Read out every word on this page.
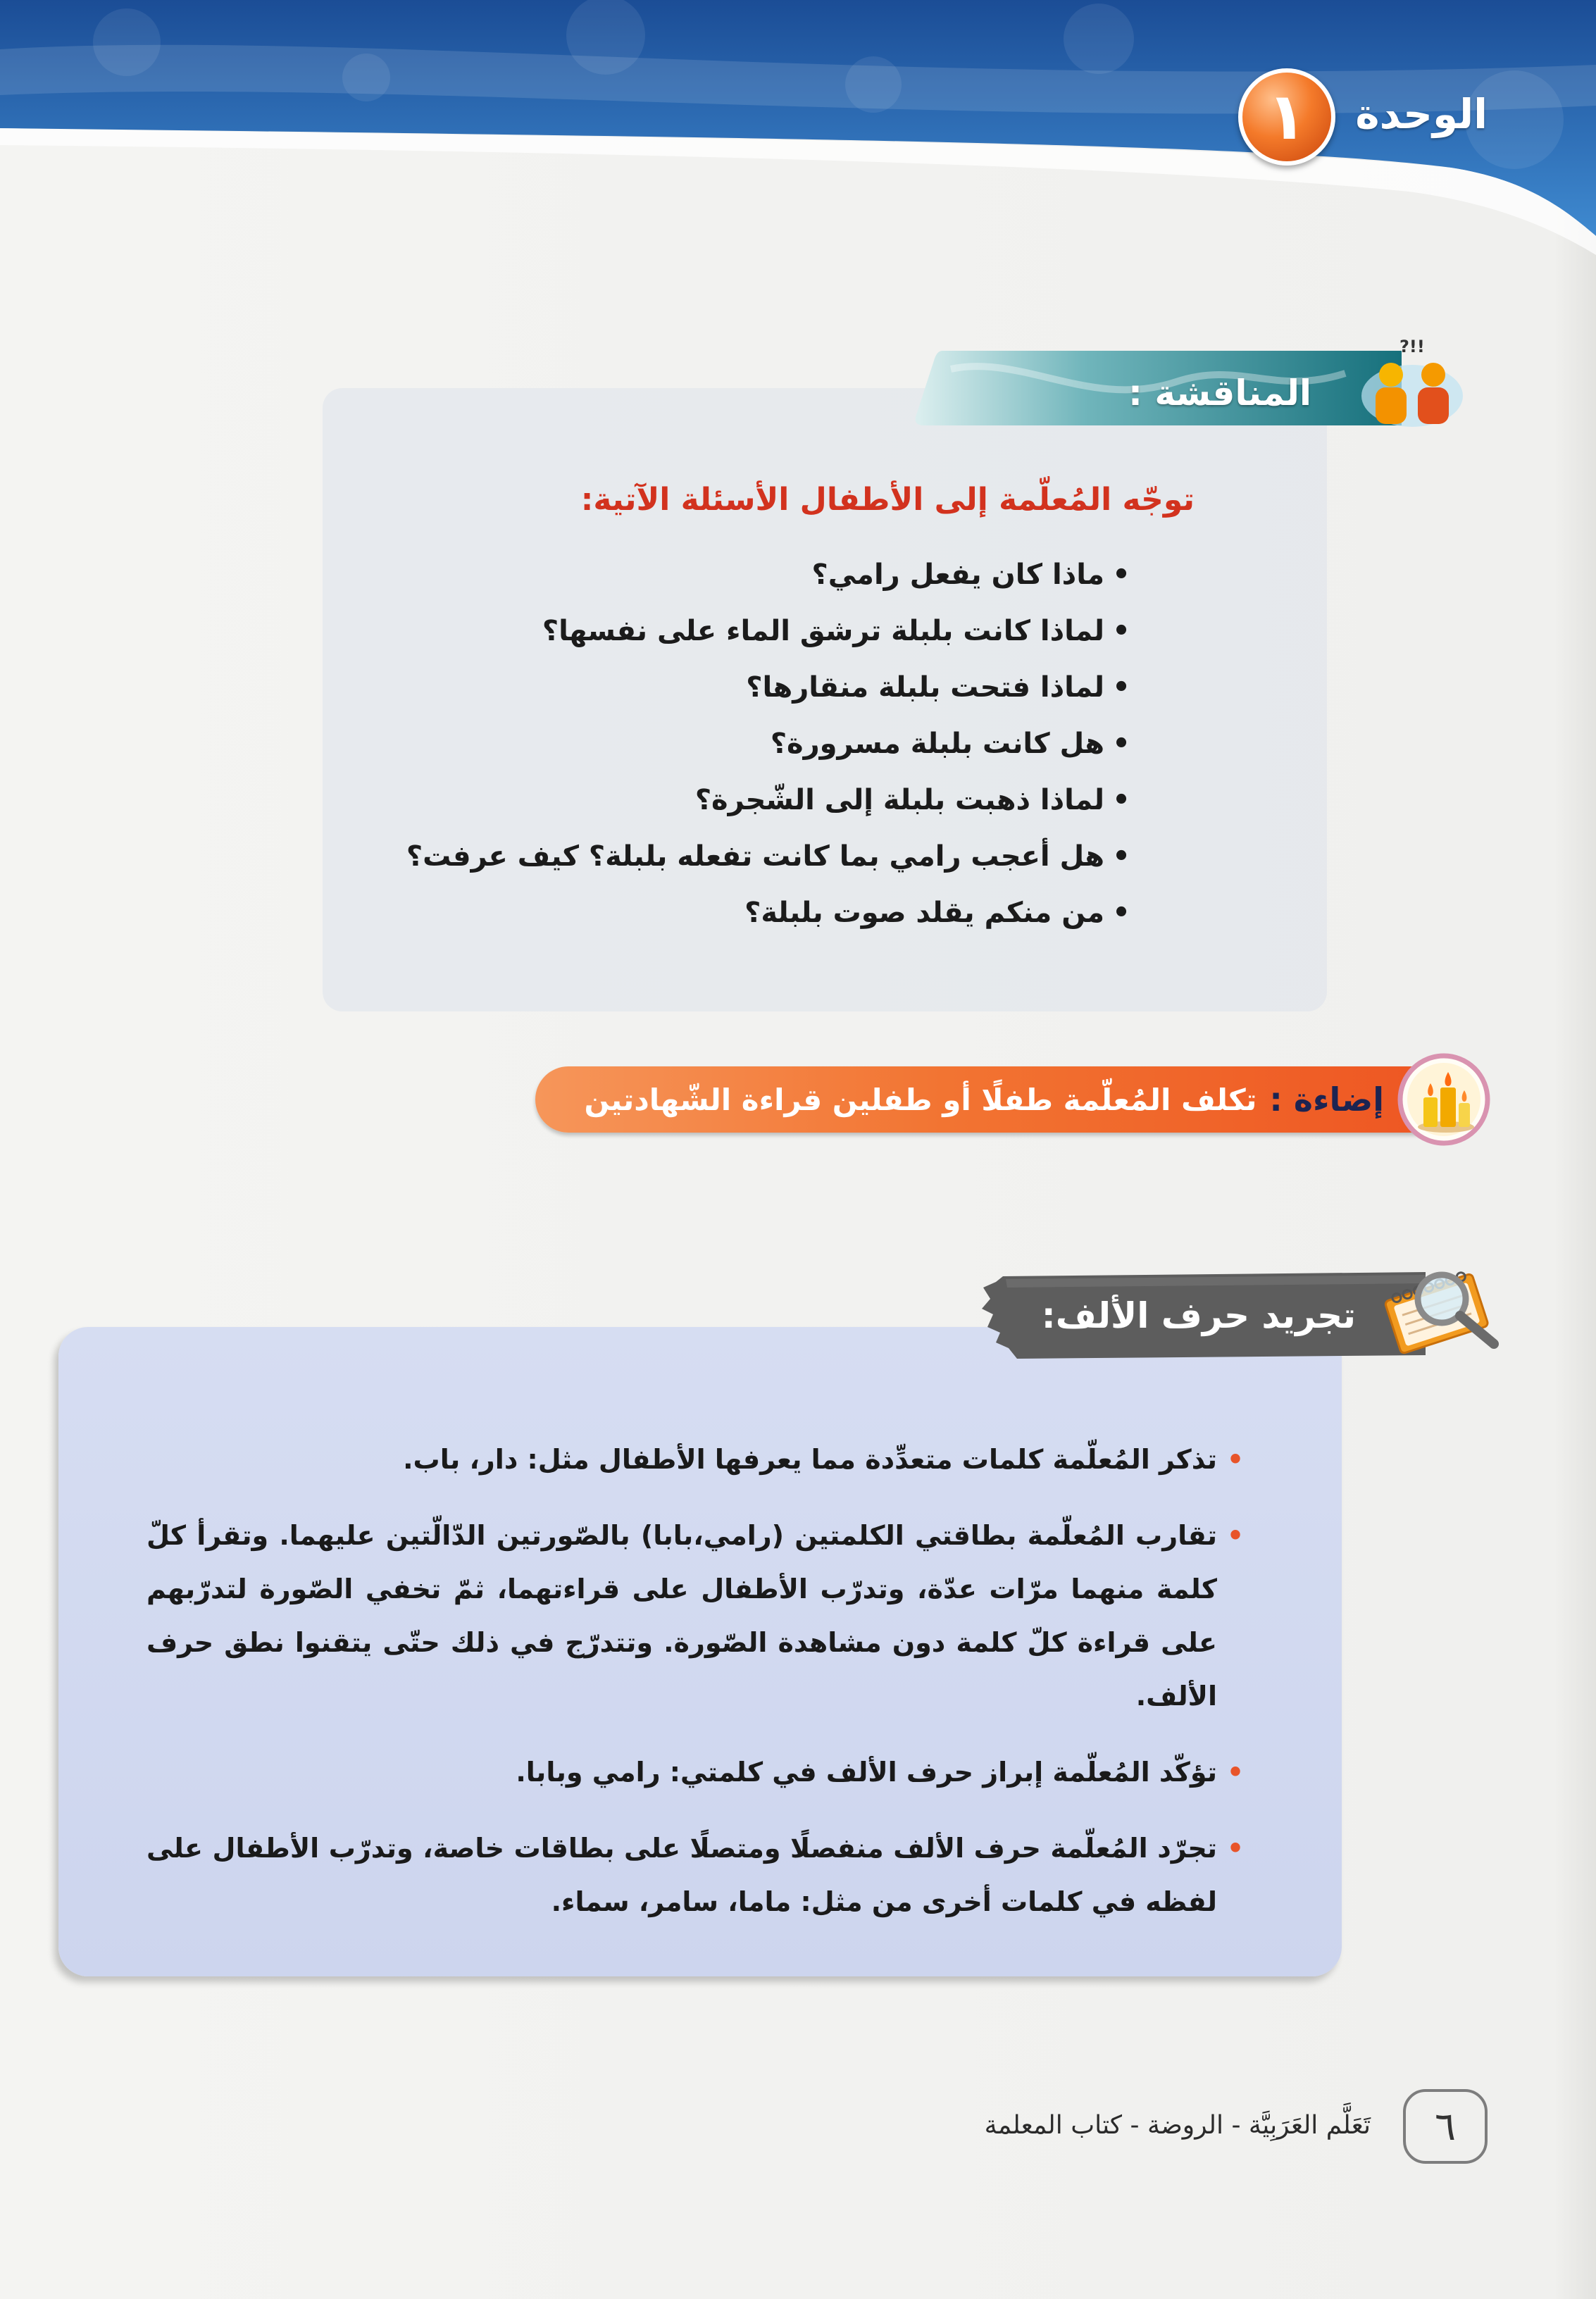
الوحدة
١
المناقشة :
?!!
توجّه المُعلّمة إلى الأطفال الأسئلة الآتية:
•
ماذا كان يفعل رامي؟
•
لماذا كانت بلبلة ترشق الماء على نفسها؟
•
لماذا فتحت بلبلة منقارها؟
•
هل كانت بلبلة مسرورة؟
•
لماذا ذهبت بلبلة إلى الشّجرة؟
•
هل أعجب رامي بما كانت تفعله بلبلة؟ كيف عرفت؟
•
من منكم يقلد صوت بلبلة؟
إضاءة :
تكلف المُعلّمة طفلًا أو طفلين قراءة الشّهادتين
•
تذكر المُعلّمة كلمات متعدِّدة مما يعرفها الأطفال مثل: دار، باب.
•
تقارب المُعلّمة بطاقتي الكلمتين (رامي،بابا) بالصّورتين الدّالّتين عليهما. وتقرأ كلّ كلمة منهما مرّات عدّة، وتدرّب الأطفال على قراءتهما، ثمّ تخفي الصّورة لتدرّبهم على قراءة كلّ كلمة دون مشاهدة الصّورة. وتتدرّج في ذلك حتّى يتقنوا نطق حرف الألف.
•
تؤكّد المُعلّمة إبراز حرف الألف في كلمتي: رامي وبابا.
•
تجرّد المُعلّمة حرف الألف منفصلًا ومتصلًا على بطاقات خاصة، وتدرّب الأطفال على لفظه في كلمات أخرى من مثل: ماما، سامر، سماء.
تجريد حرف الألف:
تَعَلَّم العَرَبِيَّة - الروضة - كتاب المعلمة	٦
